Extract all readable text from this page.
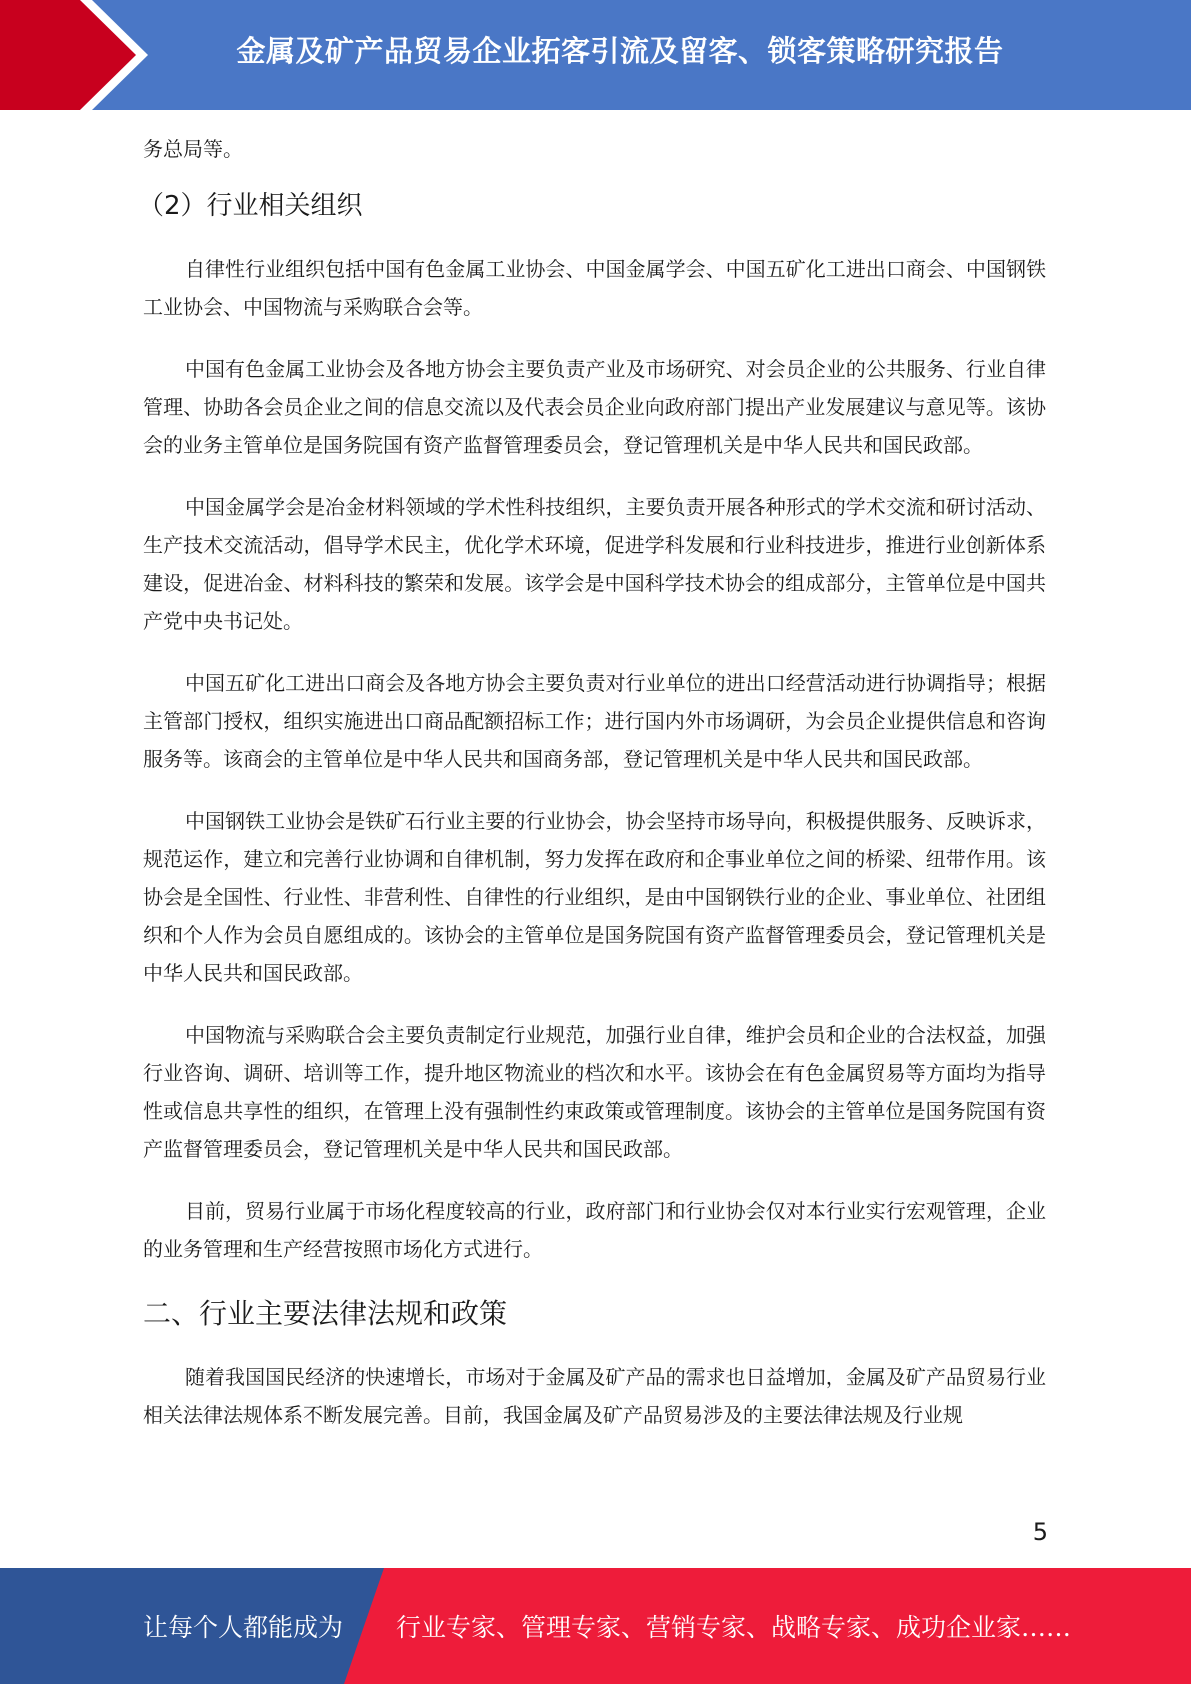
金属及矿产品贸易企业拓客引流及留客、锁客策略研究报告

务总局等。

（2）行业相关组织

自律性行业组织包括中国有色金属工业协会、中国金属学会、中国五矿化工进出口商会、中国钢铁工业协会、中国物流与采购联合会等。

中国有色金属工业协会及各地方协会主要负责产业及市场研究、对会员企业的公共服务、行业自律管理、协助各会员企业之间的信息交流以及代表会员企业向政府部门提出产业发展建议与意见等。该协会的业务主管单位是国务院国有资产监督管理委员会，登记管理机关是中华人民共和国民政部。

中国金属学会是冶金材料领域的学术性科技组织，主要负责开展各种形式的学术交流和研讨活动、生产技术交流活动，倡导学术民主，优化学术环境，促进学科发展和行业科技进步，推进行业创新体系建设，促进冶金、材料科技的繁荣和发展。该学会是中国科学技术协会的组成部分，主管单位是中国共产党中央书记处。

中国五矿化工进出口商会及各地方协会主要负责对行业单位的进出口经营活动进行协调指导；根据主管部门授权，组织实施进出口商品配额招标工作；进行国内外市场调研，为会员企业提供信息和咨询服务等。该商会的主管单位是中华人民共和国商务部，登记管理机关是中华人民共和国民政部。

中国钢铁工业协会是铁矿石行业主要的行业协会，协会坚持市场导向，积极提供服务、反映诉求，规范运作，建立和完善行业协调和自律机制，努力发挥在政府和企事业单位之间的桥梁、纽带作用。该协会是全国性、行业性、非营利性、自律性的行业组织，是由中国钢铁行业的企业、事业单位、社团组织和个人作为会员自愿组成的。该协会的主管单位是国务院国有资产监督管理委员会，登记管理机关是中华人民共和国民政部。

中国物流与采购联合会主要负责制定行业规范，加强行业自律，维护会员和企业的合法权益，加强行业咨询、调研、培训等工作，提升地区物流业的档次和水平。该协会在有色金属贸易等方面均为指导性或信息共享性的组织，在管理上没有强制性约束政策或管理制度。该协会的主管单位是国务院国有资产监督管理委员会，登记管理机关是中华人民共和国民政部。

目前，贸易行业属于市场化程度较高的行业，政府部门和行业协会仅对本行业实行宏观管理，企业的业务管理和生产经营按照市场化方式进行。

二、行业主要法律法规和政策

随着我国国民经济的快速增长，市场对于金属及矿产品的需求也日益增加，金属及矿产品贸易行业相关法律法规体系不断发展完善。目前，我国金属及矿产品贸易涉及的主要法律法规及行业规

5
让每个人都能成为 行业专家、管理专家、营销专家、战略专家、成功企业家……
